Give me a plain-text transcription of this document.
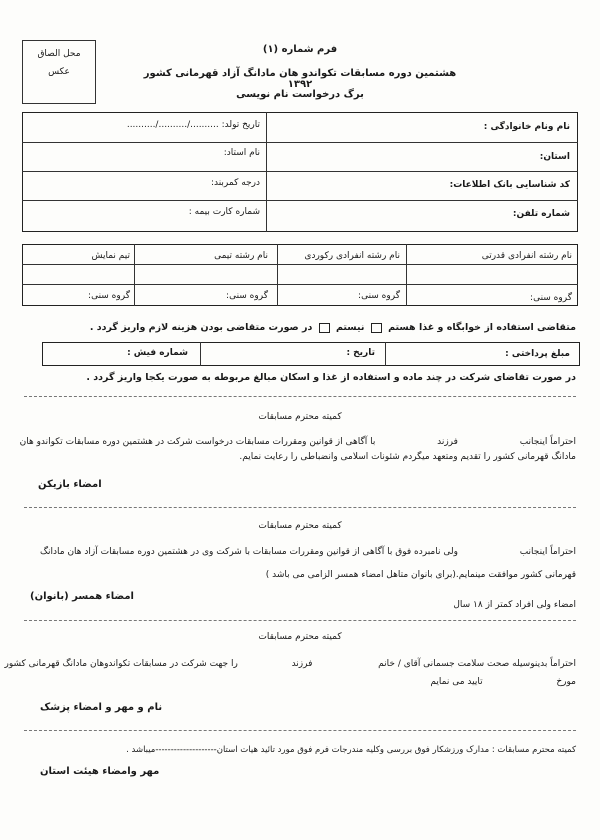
محل الصاق
عکس
فرم شماره (۱)
هشتمین دوره مسابقات تکواندو هان مادانگ آزاد قهرمانی کشور ۱۳۹۲
برگ درخواست نام نویسی
نام ونام خانوادگی :
تاریخ تولد: ........../........../..........
استان:
نام استاد:
کد شناسایی بانک اطلاعات:
درجه کمربند:
شماره تلفن:
شماره کارت بیمه :
نام رشته انفرادی قدرتی
نام رشته انفرادی رکوردی
نام رشته تیمی
تیم نمایش
گروه سنی:
گروه سنی:
گروه سنی:
گروه سنی:
متقاضی استفاده از خوابگاه و غذا هستم  نیستم  در صورت متقاضی بودن هزینه لازم واریز گردد .
مبلغ پرداختی :
تاریخ :
شماره فیش :
در صورت تقاضای شرکت در چند ماده و استفاده از غذا و اسکان مبالغ مربوطه به صورت یکجا واریز گردد .
کمیته محترم مسابقات
احتراماً اینجانب  فرزند  با آگاهی از قوانین ومقررات مسابقات درخواست شرکت در هشتمین دوره مسابقات تکواندو هان
مادانگ قهرمانی کشور را تقدیم ومتعهد میگردم شئونات اسلامی وانضباطی را رعایت نمایم.
امضاء بازیکن
کمیته محترم مسابقات
احتراماً اینجانب  ولی نامبرده فوق با آگاهی از قوانین ومقررات مسابقات با شرکت وی در هشتمین دوره مسابقات آزاد هان مادانگ
قهرمانی کشور موافقت مینمایم.(برای بانوان متاهل امضاء همسر الزامی می باشد )
امضاء ولی افراد کمتر از ۱۸ سال
امضاء همسر (بانوان)
کمیته محترم مسابقات
احتراماً بدینوسیله صحت سلامت جسمانی آقای / خانم  فرزند  را جهت شرکت در مسابقات تکواندوهان مادانگ قهرمانی کشور
مورخ  تایید می نمایم
نام و مهر و امضاء پزشک
کمیته محترم مسابقات : مدارک ورزشکار فوق بررسی وکلیه مندرجات فرم فوق مورد تائید هیات استان--------------------میباشد .
مهر وامضاء هیئت استان
